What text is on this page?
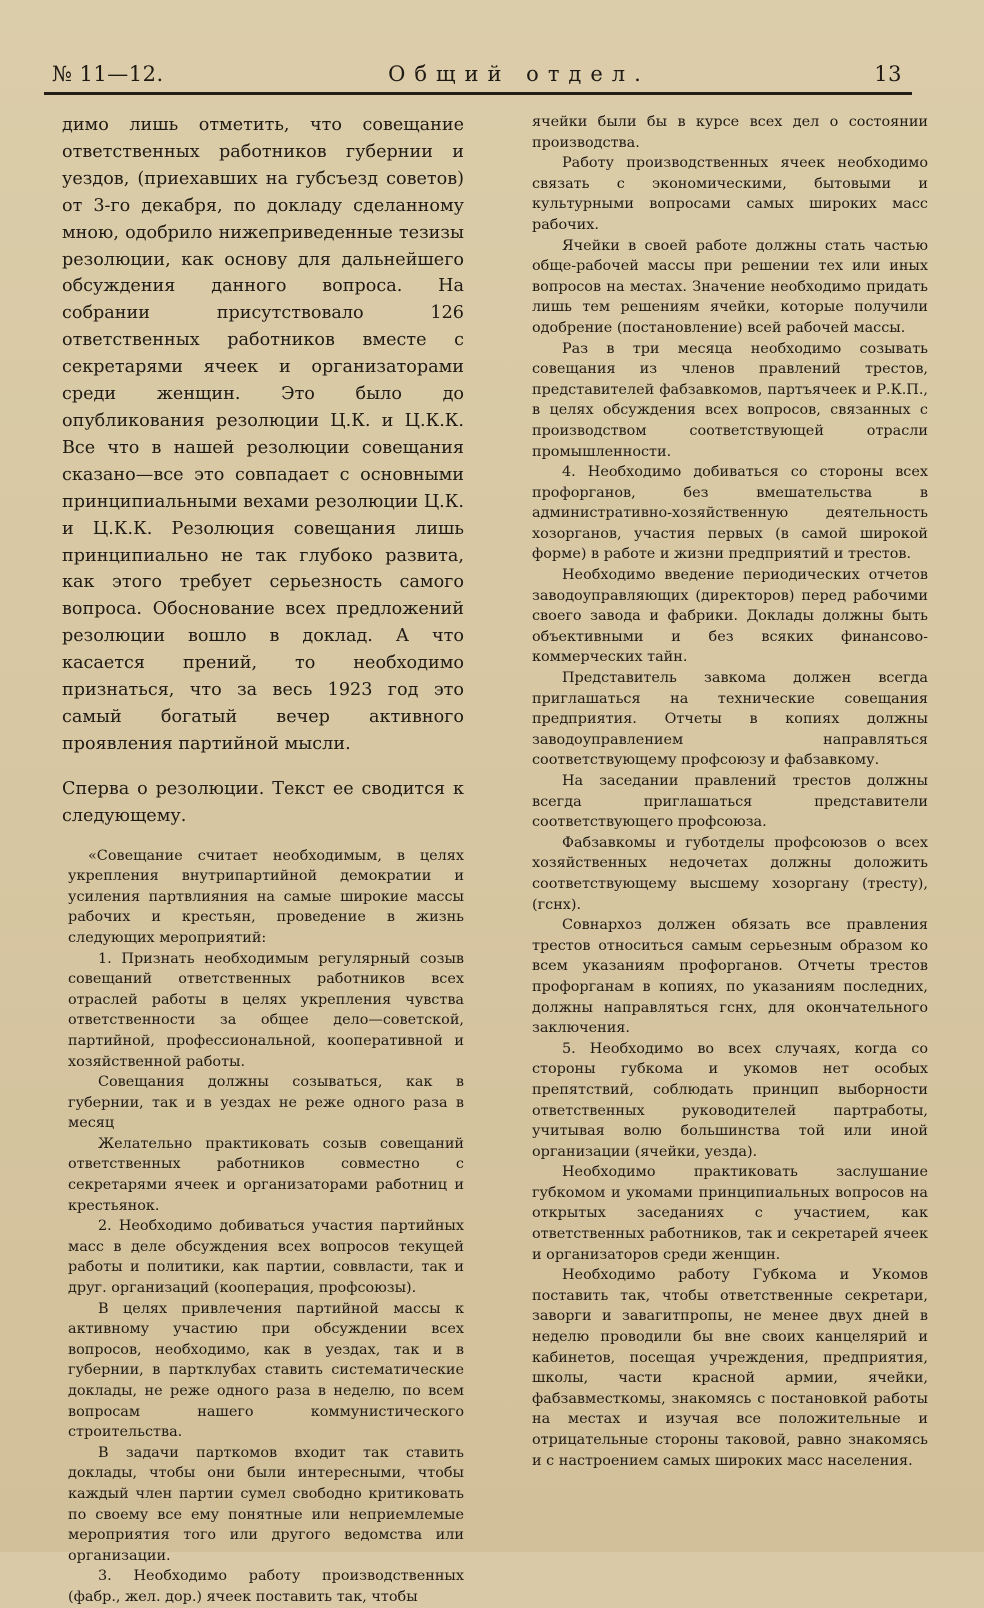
№ 11—12.	Общий отдел.	13

димо лишь отметить, что совещание ответственных работников губернии и уездов, (приехавших на губсъезд советов) от 3-го декабря, по докладу сделанному мною, одобрило нижеприведенные тезизы резолюции, как основу для дальнейшего обсуждения данного вопроса. На собрании присутствовало 126 ответственных работников вместе с секретарями ячеек и организаторами среди женщин. Это было до опубликования резолюции Ц.К. и Ц.К.К. Все что в нашей резолюции совещания сказано—все это совпадает с основными принципиальными вехами резолюции Ц.К. и Ц.К.К. Резолюция совещания лишь принципиально не так глубоко развита, как этого требует серьезность самого вопроса. Обоснование всех предложений резолюции вошло в доклад. А что касается прений, то необходимо признаться, что за весь 1923 год это самый богатый вечер активного проявления партийной мысли.

Сперва о резолюции. Текст ее сводится к следующему.

«Совещание считает необходимым, в целях укрепления внутрипартийной демократии и усиления партвлияния на самые широкие массы рабочих и крестьян, проведение в жизнь следующих мероприятий:

1. Признать необходимым регулярный созыв совещаний ответственных работников всех отраслей работы в целях укрепления чувства ответственности за общее дело—советской, партийной, профессиональной, кооперативной и хозяйственной работы.

Совещания должны созываться, как в губернии, так и в уездах не реже одного раза в месяц

Желательно практиковать созыв совещаний ответственных работников совместно с секретарями ячеек и организаторами работниц и крестьянок.

2. Необходимо добиваться участия партийных масс в деле обсуждения всех вопросов текущей работы и политики, как партии, соввласти, так и друг. организаций (кооперация, профсоюзы).

В целях привлечения партийной массы к активному участию при обсуждении всех вопросов, необходимо, как в уездах, так и в губернии, в партклубах ставить систематические доклады, не реже одного раза в неделю, по всем вопросам нашего коммунистического строительства.

В задачи парткомов входит так ставить доклады, чтобы они были интересными, чтобы каждый член партии сумел свободно критиковать по своему все ему понятные или неприемлемые мероприятия того или другого ведомства или организации.

3. Необходимо работу производственных (фабр., жел. дор.) ячеек поставить так, чтобы

ячейки были бы в курсе всех дел о состоянии производства.

Работу производственных ячеек необходимо связать с экономическими, бытовыми и культурными вопросами самых широких масс рабочих.

Ячейки в своей работе должны стать частью обще-рабочей массы при решении тех или иных вопросов на местах. Значение необходимо придать лишь тем решениям ячейки, которые получили одобрение (постановление) всей рабочей массы.

Раз в три месяца необходимо созывать совещания из членов правлений трестов, представителей фабзавкомов, партъячеек и Р.К.П., в целях обсуждения всех вопросов, связанных с производством соответствующей отрасли промышленности.

4. Необходимо добиваться со стороны всех профорганов, без вмешательства в административно-хозяйственную деятельность хозорганов, участия первых (в самой широкой форме) в работе и жизни предприятий и трестов.

Необходимо введение периодических отчетов заводоуправляющих (директоров) перед рабочими своего завода и фабрики. Доклады должны быть объективными и без всяких финансово-коммерческих тайн.

Представитель завкома должен всегда приглашаться на технические совещания предприятия. Отчеты в копиях должны заводоуправлением направляться соответствующему профсоюзу и фабзавкому.

На заседании правлений трестов должны всегда приглашаться представители соответствующего профсоюза.

Фабзавкомы и губотделы профсоюзов о всех хозяйственных недочетах должны доложить соответствующему высшему хозоргану (тресту), (гснх).

Совнархоз должен обязать все правления трестов относиться самым серьезным образом ко всем указаниям профорганов. Отчеты трестов профорганам в копиях, по указаниям последних, должны направляться гснх, для окончательного заключения.

5. Необходимо во всех случаях, когда со стороны губкома и укомов нет особых препятствий, соблюдать принцип выборности ответственных руководителей партработы, учитывая волю большинства той или иной организации (ячейки, уезда).

Необходимо практиковать заслушание губкомом и укомами принципиальных вопросов на открытых заседаниях с участием, как ответственных работников, так и секретарей ячеек и организаторов среди женщин.

Необходимо работу Губкома и Укомов поставить так, чтобы ответственные секретари, заворги и завагитпропы, не менее двух дней в неделю проводили бы вне своих канцелярий и кабинетов, посещая учреждения, предприятия, школы, части красной армии, ячейки, фабзавместкомы, знакомясь с постановкой работы на местах и изучая все положительные и отрицательные стороны таковой, равно знакомясь и с настроением самых широких масс населения.
